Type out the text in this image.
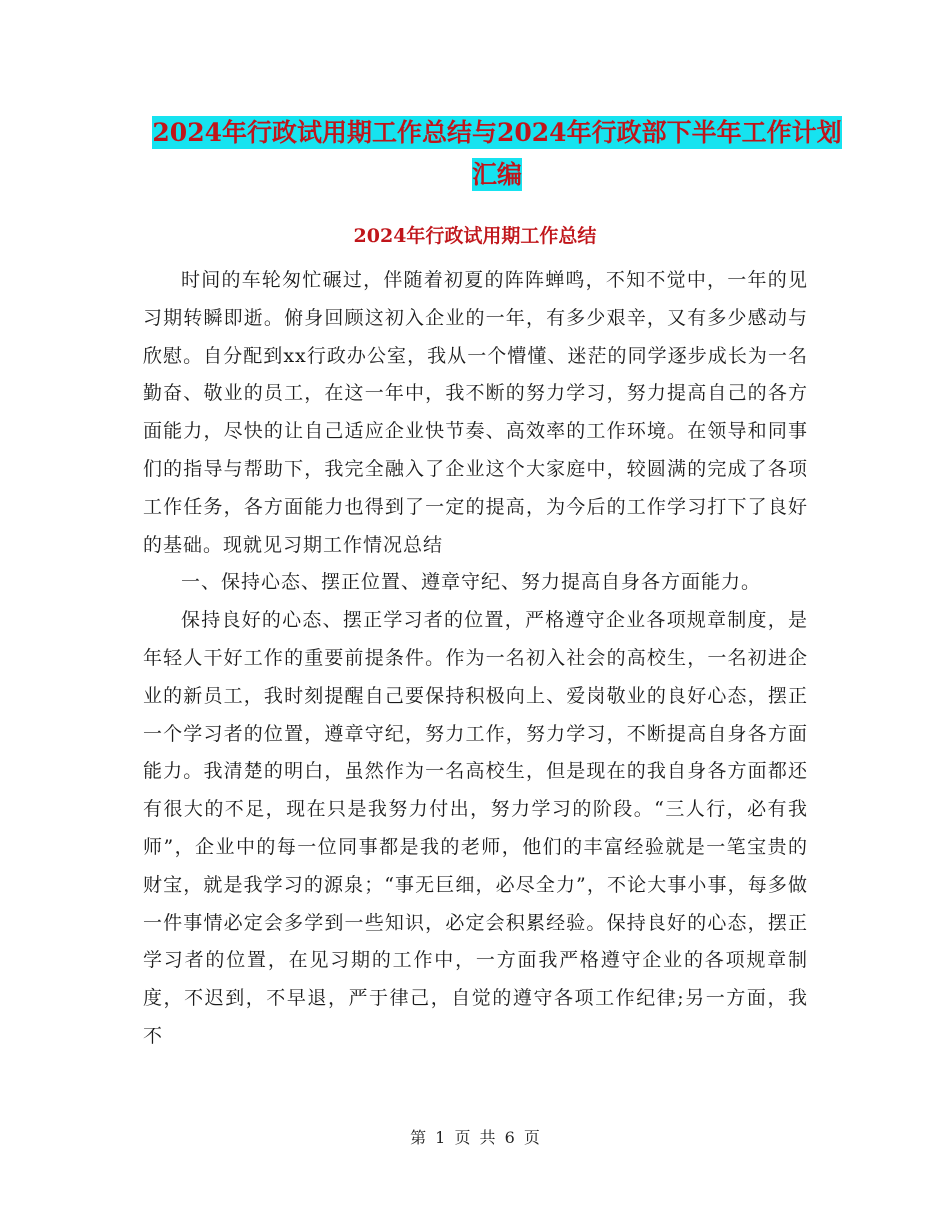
2024年行政试用期工作总结与2024年行政部下半年工作计划汇编
2024年行政试用期工作总结

时间的车轮匆忙碾过，伴随着初夏的阵阵蝉鸣，不知不觉中，一年的见习期转瞬即逝。俯身回顾这初入企业的一年，有多少艰辛，又有多少感动与欣慰。自分配到xx行政办公室，我从一个懵懂、迷茫的同学逐步成长为一名勤奋、敬业的员工，在这一年中，我不断的努力学习，努力提高自己的各方面能力，尽快的让自己适应企业快节奏、高效率的工作环境。在领导和同事们的指导与帮助下，我完全融入了企业这个大家庭中，较圆满的完成了各项工作任务，各方面能力也得到了一定的提高，为今后的工作学习打下了良好的基础。现就见习期工作情况总结

一、保持心态、摆正位置、遵章守纪、努力提高自身各方面能力。

保持良好的心态、摆正学习者的位置，严格遵守企业各项规章制度，是年轻人干好工作的重要前提条件。作为一名初入社会的高校生，一名初进企业的新员工，我时刻提醒自己要保持积极向上、爱岗敬业的良好心态，摆正一个学习者的位置，遵章守纪，努力工作，努力学习，不断提高自身各方面能力。我清楚的明白，虽然作为一名高校生，但是现在的我自身各方面都还有很大的不足，现在只是我努力付出，努力学习的阶段。“三人行，必有我师”，企业中的每一位同事都是我的老师，他们的丰富经验就是一笔宝贵的财宝，就是我学习的源泉；“事无巨细，必尽全力”，不论大事小事，每多做一件事情必定会多学到一些知识，必定会积累经验。保持良好的心态，摆正学习者的位置，在见习期的工作中，一方面我严格遵守企业的各项规章制度，不迟到，不早退，严于律己，自觉的遵守各项工作纪律;另一方面，我不

第 1 页 共 6 页
